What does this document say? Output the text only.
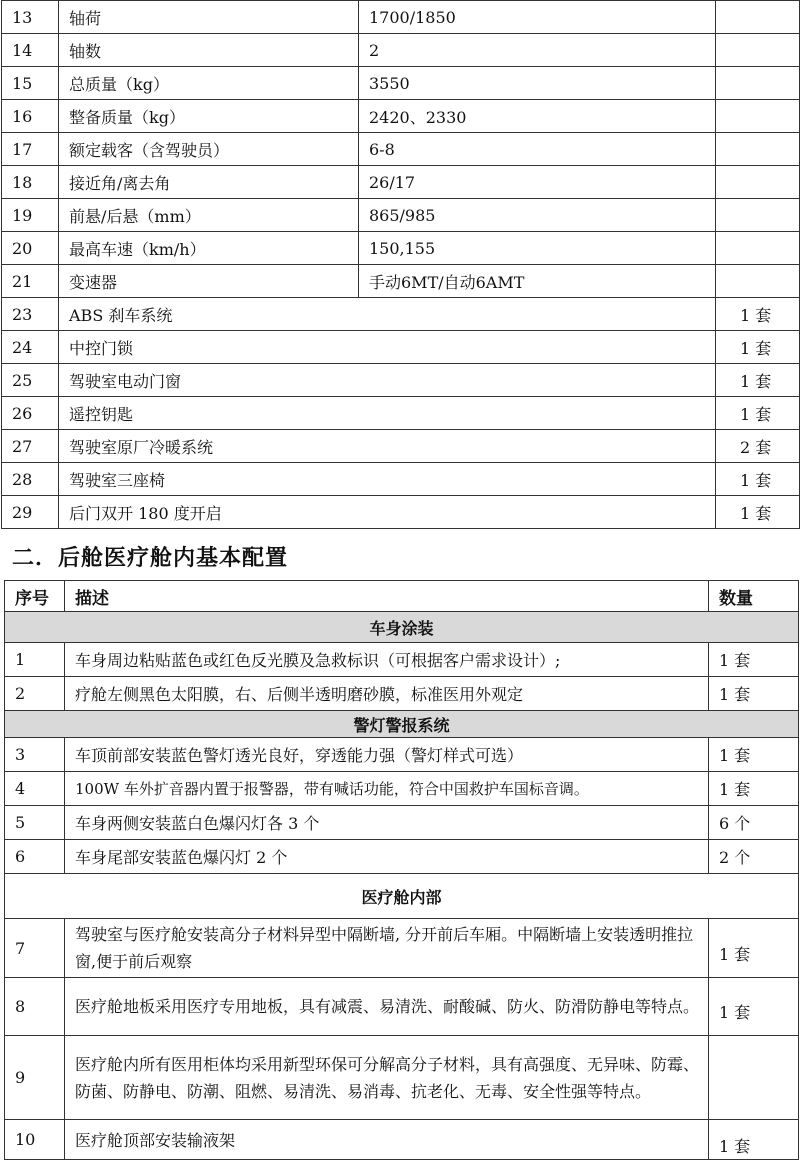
13	轴荷	1700/1850	
14	轴数	2	
15	总质量（kg）	3550	
16	整备质量（kg）	2420、2330	
17	额定载客（含驾驶员）	6-8	
18	接近角/离去角	26/17	
19	前悬/后悬（mm）	865/985	
20	最高车速（km/h）	150,155	
21	变速器	手动6MT/自动6AMT	
23	ABS 刹车系统		1 套
24	中控门锁		1 套
25	驾驶室电动门窗		1 套
26	遥控钥匙		1 套
27	驾驶室原厂冷暖系统		2 套
28	驾驶室三座椅		1 套
29	后门双开 180 度开启		1 套
二．后舱医疗舱内基本配置
序号	描述	数量
车身涂装		
1	车身周边粘贴蓝色或红色反光膜及急救标识（可根据客户需求设计）;	1 套
2	疗舱左侧黑色太阳膜，右、后侧半透明磨砂膜，标准医用外观定	1 套
警灯警报系统		
3	车顶前部安装蓝色警灯透光良好，穿透能力强（警灯样式可选）	1 套
4	100W 车外扩音器内置于报警器，带有喊话功能，符合中国救护车国标音调。	1 套
5	车身两侧安装蓝白色爆闪灯各 3 个	6 个
6	车身尾部安装蓝色爆闪灯 2 个	2 个
医疗舱内部		
7	驾驶室与医疗舱安装高分子材料异型中隔断墙, 分开前后车厢。中隔断墙上安装透明推拉窗,便于前后观察	1 套
8	医疗舱地板采用医疗专用地板，具有减震、易清洗、耐酸碱、防火、防滑防静电等特点。	1 套
9	医疗舱内所有医用柜体均采用新型环保可分解高分子材料，具有高强度、无异味、防霉、防菌、防静电、防潮、阻燃、易清洗、易消毒、抗老化、无毒、安全性强等特点。	
10	医疗舱顶部安装输液架	1 套
